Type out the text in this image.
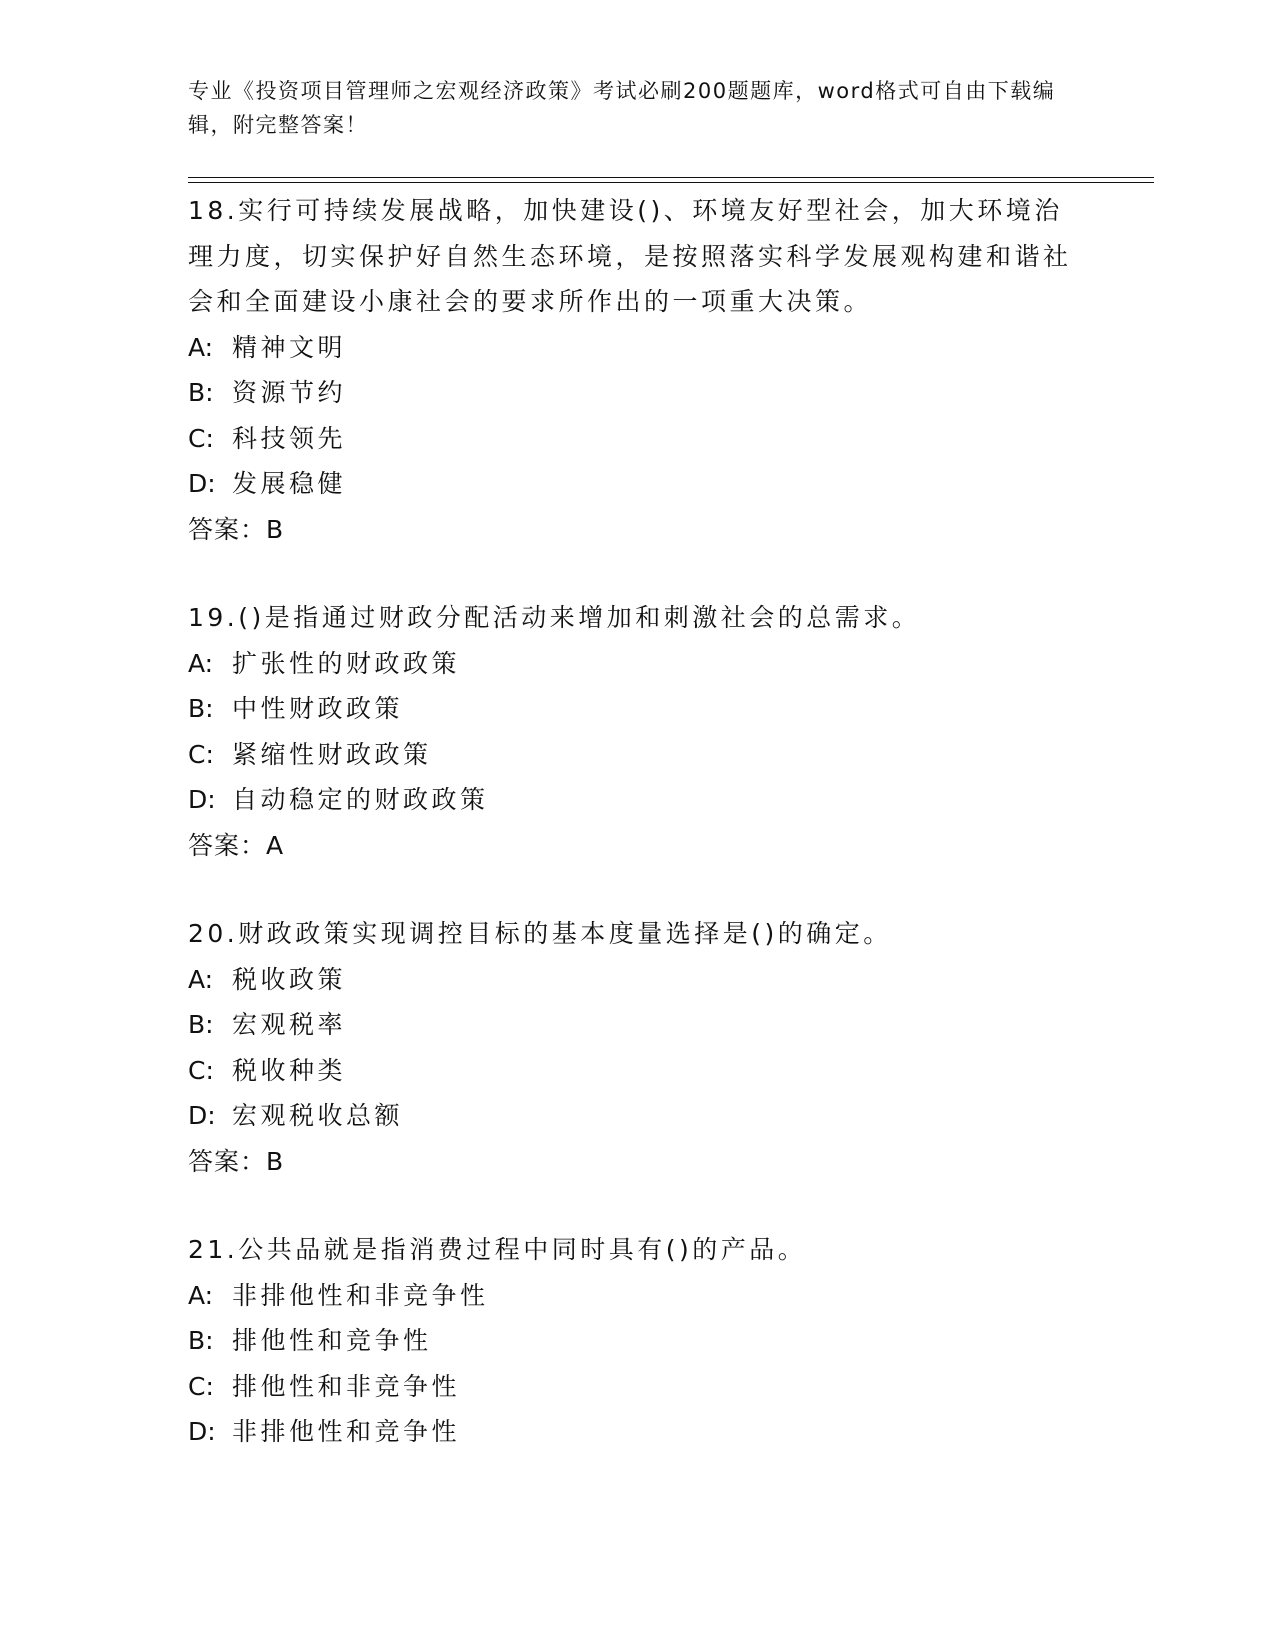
专业《投资项目管理师之宏观经济政策》考试必刷200题题库，word格式可自由下载编辑，附完整答案！

18.实行可持续发展战略，加快建设()、环境友好型社会，加大环境治理力度，切实保护好自然生态环境，是按照落实科学发展观构建和谐社会和全面建设小康社会的要求所作出的一项重大决策。

A: 精神文明
B: 资源节约
C: 科技领先
D: 发展稳健

答案：B

19.()是指通过财政分配活动来增加和刺激社会的总需求。

A: 扩张性的财政政策
B: 中性财政政策
C: 紧缩性财政政策
D: 自动稳定的财政政策

答案：A

20.财政政策实现调控目标的基本度量选择是()的确定。

A: 税收政策
B: 宏观税率
C: 税收种类
D: 宏观税收总额

答案：B

21.公共品就是指消费过程中同时具有()的产品。

A: 非排他性和非竞争性
B: 排他性和竞争性
C: 排他性和非竞争性
D: 非排他性和竞争性
